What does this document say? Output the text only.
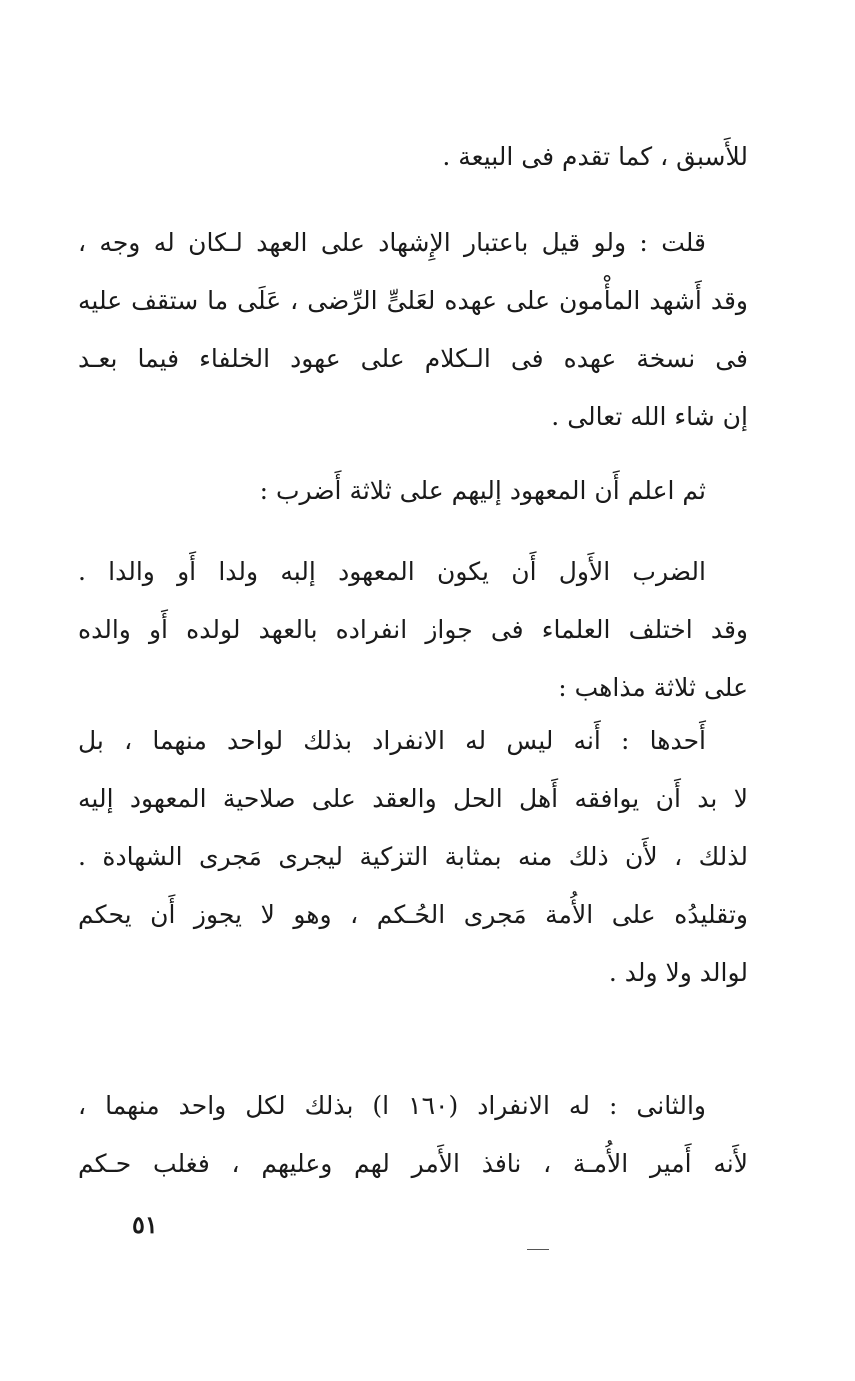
للأَسبق ، كما تقدم فى البيعة .
قلت : ولو قيل باعتبار الإِشهاد على العهد لـكان له وجه ،
وقد أَشهد المأْمون على عهده لعَلىٍّ الرِّضى ، عَلَى ما ستقف عليه
فى نسخة عهده فى الـكلام على عهود الخلفاء فيما بعـد
إن شاء الله تعالى .
ثم اعلم أَن المعهود إليهم على ثلاثة أَضرب :
الضرب الأَول أَن يكون المعهود إلبه ولدا أَو والدا .
وقد اختلف العلماء فى جواز انفراده بالعهد لولده أَو والده
على ثلاثة مذاهب :
أَحدها : أَنه ليس له الانفراد بذلك لواحد منهما ، بل
لا بد أَن يوافقه أَهل الحل والعقد على صلاحية المعهود إليه
لذلك ، لأَن ذلك منه بمثابة التزكية ليجرى مَجرى الشهادة .
وتقليدُه على الأُمة مَجرى الحُـكم ، وهو لا يجوز أَن يحكم
لوالد ولا ولد .
والثانى : له الانفراد (١٦٠ ا) بذلك لكل واحد منهما ،
لأَنه أَمير الأُمـة ، نافذ الأَمر لهم وعليهم ، فغلب حـكم
٥١
